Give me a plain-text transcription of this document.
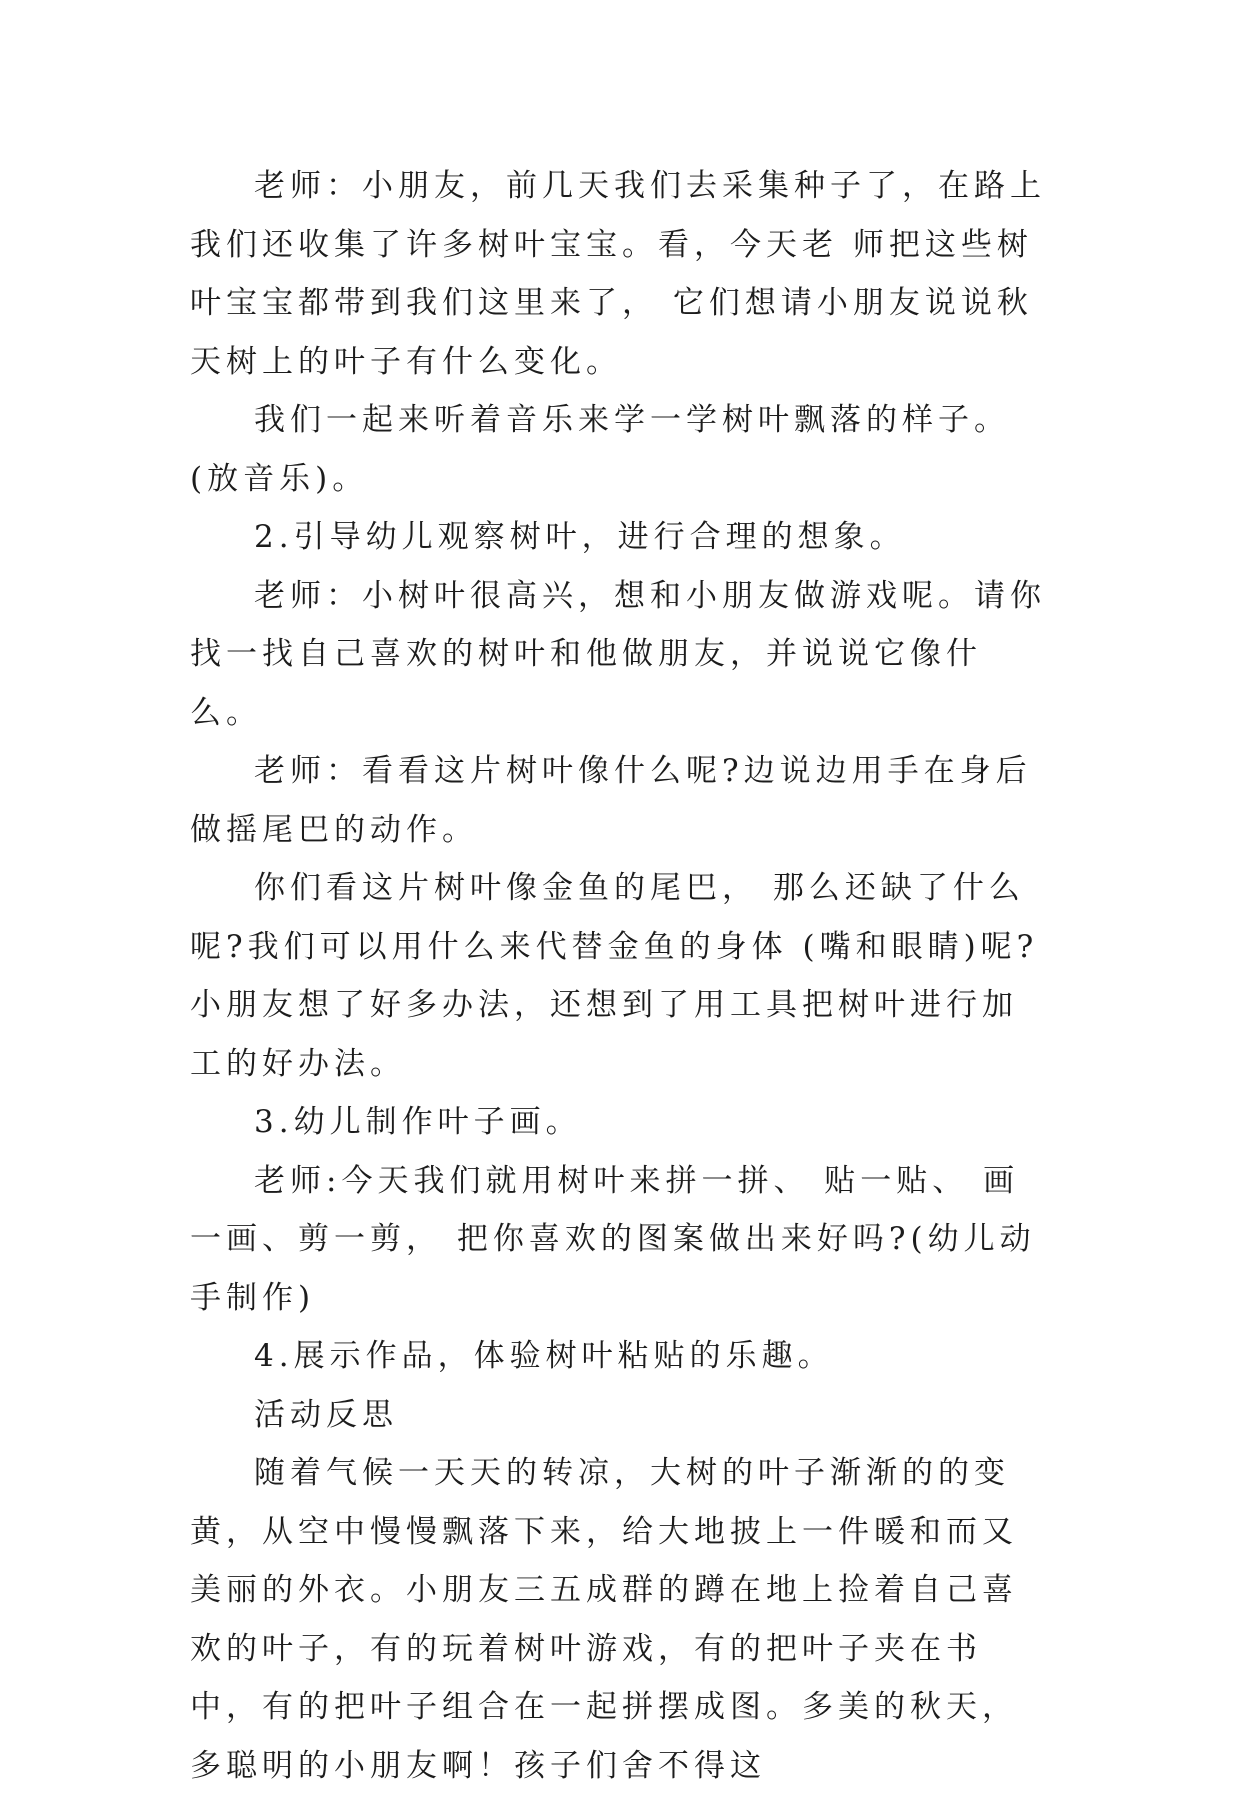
老师：小朋友，前几天我们去采集种子了，在路上我们还收集了许多树叶宝宝。看，今天老 师把这些树叶宝宝都带到我们这里来了， 它们想请小朋友说说秋天树上的叶子有什么变化。

我们一起来听着音乐来学一学树叶飘落的样子。(放音乐)。

2.引导幼儿观察树叶，进行合理的想象。

老师：小树叶很高兴，想和小朋友做游戏呢。请你找一找自己喜欢的树叶和他做朋友，并说说它像什么。

老师：看看这片树叶像什么呢?边说边用手在身后做摇尾巴的动作。

你们看这片树叶像金鱼的尾巴， 那么还缺了什么呢?我们可以用什么来代替金鱼的身体 (嘴和眼睛)呢? 小朋友想了好多办法，还想到了用工具把树叶进行加工的好办法。

3.幼儿制作叶子画。

老师:今天我们就用树叶来拼一拼、 贴一贴、 画一画、剪一剪， 把你喜欢的图案做出来好吗?(幼儿动手制作)

4.展示作品，体验树叶粘贴的乐趣。

活动反思

随着气候一天天的转凉，大树的叶子渐渐的的变黄，从空中慢慢飘落下来，给大地披上一件暖和而又美丽的外衣。小朋友三五成群的蹲在地上捡着自己喜欢的叶子，有的玩着树叶游戏，有的把叶子夹在书中，有的把叶子组合在一起拼摆成图。多美的秋天，多聪明的小朋友啊！孩子们舍不得这
